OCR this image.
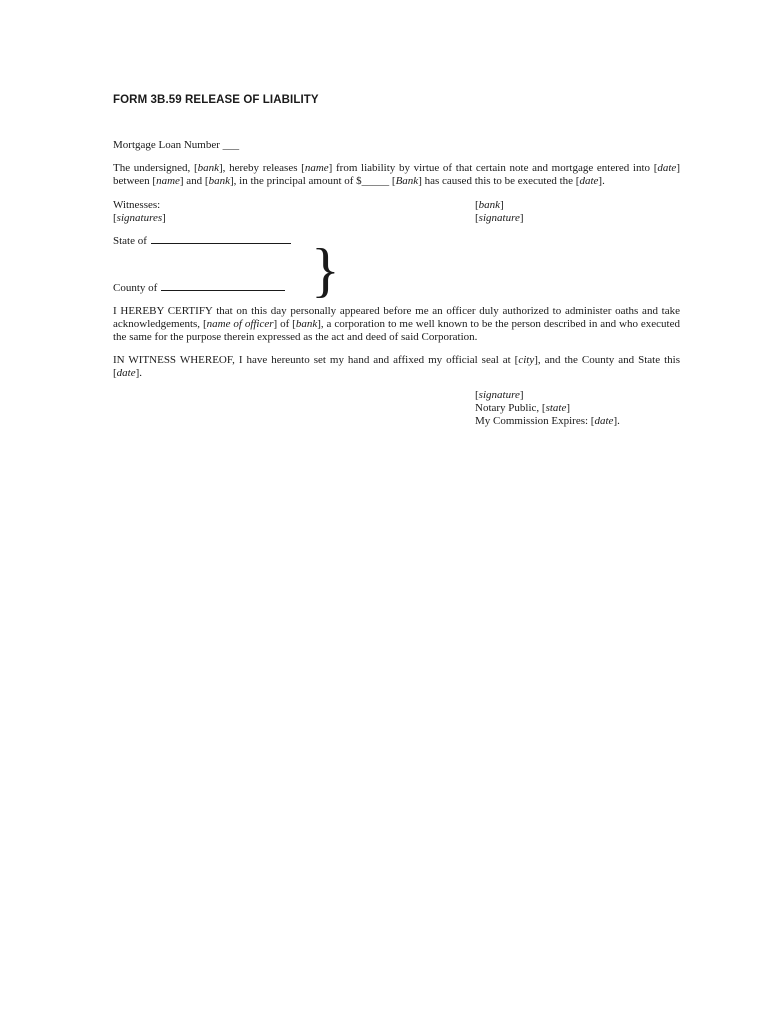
FORM 3B.59 RELEASE OF LIABILITY
Mortgage Loan Number ___
The undersigned, [bank], hereby releases [name] from liability by virtue of that certain note and mortgage entered into [date] between [name] and [bank], in the principal amount of $_____ [Bank] has caused this to be executed the [date].
Witnesses:
[signatures]
[bank]
[signature]
State of	}
County of
I HEREBY CERTIFY that on this day personally appeared before me an officer duly authorized to administer oaths and take acknowledgements, [name of officer] of [bank], a corporation to me well known to be the person described in and who executed the same for the purpose therein expressed as the act and deed of said Corporation.
IN WITNESS WHEREOF, I have hereunto set my hand and affixed my official seal at [city], and the County and State this [date].
[signature]
Notary Public, [state]
My Commission Expires: [date].
